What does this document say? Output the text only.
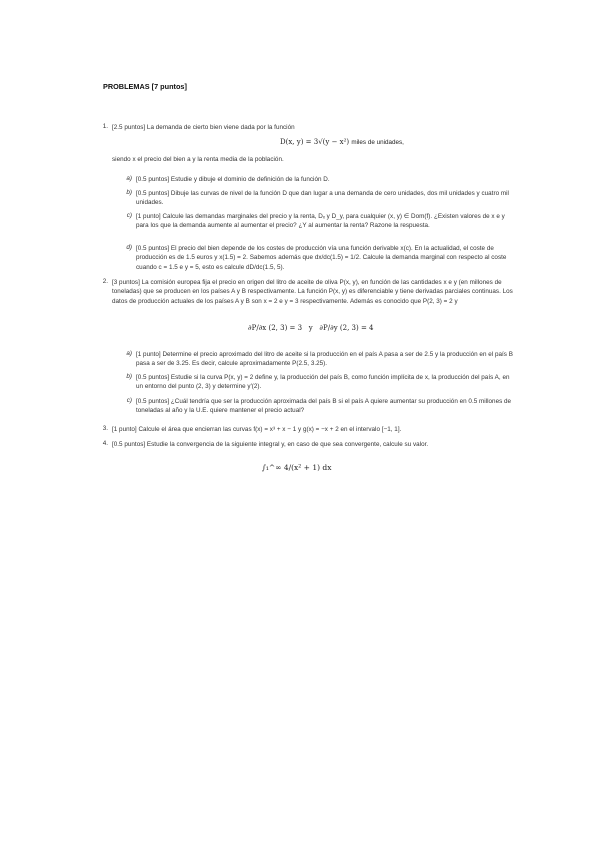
PROBLEMAS [7 puntos]
1. [2.5 puntos] La demanda de cierto bien viene dada por la función
D(x, y) = 3√(y − x²) miles de unidades,
siendo x el precio del bien a y la renta media de la población.
a) [0.5 puntos] Estudie y dibuje el dominio de definición de la función D.
b) [0.5 puntos] Dibuje las curvas de nivel de la función D que dan lugar a una demanda de cero unidades, dos mil unidades y cuatro mil unidades.
c) [1 punto] Calcule las demandas marginales del precio y la renta, Dₓ y D_y, para cualquier (x, y) ∈ Dom(f). ¿Existen valores de x e y para los que la demanda aumente al aumentar el precio? ¿Y al aumentar la renta? Razone la respuesta.
d) [0.5 puntos] El precio del bien depende de los costes de producción vía una función derivable x(c). En la actualidad, el coste de producción es de 1.5 euros y x(1.5) = 2. Sabemos además que dx/dc(1.5) = 1/2. Calcule la demanda marginal con respecto al coste cuando c = 1.5 e y = 5, esto es calcule dD/dc(1.5, 5).
2. [3 puntos] La comisión europea fija el precio en origen del litro de aceite de oliva P(x, y), en función de las cantidades x e y (en millones de toneladas) que se producen en los países A y B respectivamente. La función P(x, y) es diferenciable y tiene derivadas parciales continuas. Los datos de producción actuales de los países A y B son x = 2 e y = 3 respectivamente. Además es conocido que P(2, 3) = 2 y
∂P/∂x (2, 3) = 3 y ∂P/∂y (2, 3) = 4
a) [1 punto] Determine el precio aproximado del litro de aceite si la producción en el país A pasa a ser de 2.5 y la producción en el país B pasa a ser de 3.25. Es decir, calcule aproximadamente P(2.5, 3.25).
b) [0.5 puntos] Estudie si la curva P(x, y) = 2 define y, la producción del país B, como función implícita de x, la producción del país A, en un entorno del punto (2, 3) y determine y′(2).
c) [0.5 puntos] ¿Cuál tendría que ser la producción aproximada del país B si el país A quiere aumentar su producción en 0.5 millones de toneladas al año y la U.E. quiere mantener el precio actual?
3. [1 punto] Calcule el área que encierran las curvas f(x) = x³ + x − 1 y g(x) = −x + 2 en el intervalo [−1, 1].
4. [0.5 puntos] Estudie la convergencia de la siguiente integral y, en caso de que sea convergente, calcule su valor.
∫₁^∞ 4/(x² + 1) dx
